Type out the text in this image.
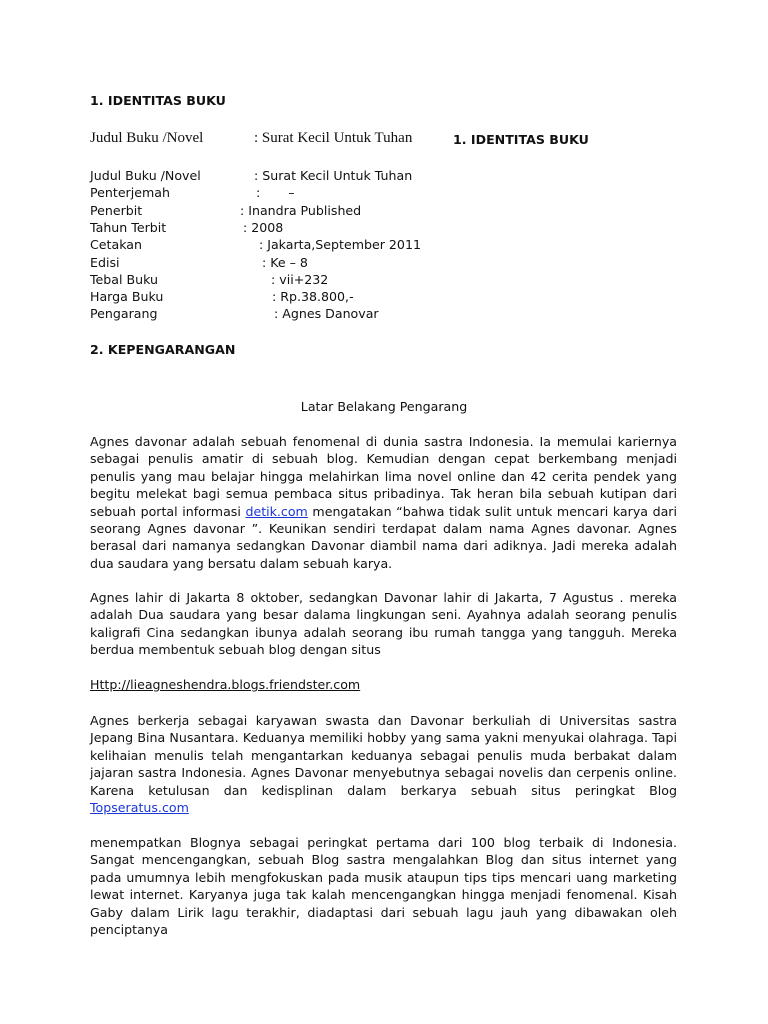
1. IDENTITAS BUKU
Judul Buku /Novel	: Surat Kecil Untuk Tuhan	1. IDENTITAS BUKU
Judul Buku /Novel	: Surat Kecil Untuk Tuhan
Penterjemah	:       –
Penerbit	: Inandra Published
Tahun Terbit	: 2008
Cetakan	: Jakarta,September 2011
Edisi	: Ke – 8
Tebal Buku	: vii+232
Harga Buku	: Rp.38.800,-
Pengarang	: Agnes Danovar
2. KEPENGARANGAN
Latar Belakang Pengarang
Agnes davonar adalah sebuah fenomenal di dunia sastra Indonesia. Ia memulai kariernya sebagai penulis amatir di sebuah blog. Kemudian dengan cepat berkembang menjadi penulis yang mau belajar hingga melahirkan lima novel online dan 42 cerita pendek yang begitu melekat bagi semua pembaca situs pribadinya. Tak heran bila sebuah kutipan dari sebuah portal informasi detik.com mengatakan “bahwa tidak sulit untuk mencari karya dari seorang Agnes davonar ”. Keunikan sendiri terdapat dalam nama Agnes davonar. Agnes berasal dari namanya sedangkan Davonar diambil nama dari adiknya. Jadi mereka adalah dua saudara yang bersatu dalam sebuah karya.
Agnes lahir di Jakarta 8 oktober, sedangkan Davonar lahir di Jakarta, 7 Agustus . mereka adalah Dua saudara yang besar dalama lingkungan seni. Ayahnya adalah seorang penulis kaligrafi Cina sedangkan ibunya adalah seorang ibu rumah tangga yang tangguh. Mereka berdua membentuk sebuah blog dengan situs
Http://lieagneshendra.blogs.friendster.com
Agnes berkerja sebagai karyawan swasta dan Davonar berkuliah di Universitas sastra Jepang Bina Nusantara. Keduanya memiliki hobby yang sama yakni menyukai olahraga. Tapi kelihaian menulis telah mengantarkan keduanya sebagai penulis muda berbakat dalam jajaran sastra Indonesia. Agnes Davonar menyebutnya sebagai novelis dan cerpenis online. Karena ketulusan dan kedisplinan dalam berkarya sebuah situs peringkat Blog Topseratus.com
menempatkan Blognya sebagai peringkat pertama dari 100 blog terbaik di Indonesia. Sangat mencengangkan, sebuah Blog sastra mengalahkan Blog dan situs internet yang pada umumnya lebih mengfokuskan pada musik ataupun tips tips mencari uang marketing lewat internet. Karyanya juga tak kalah mencengangkan hingga menjadi fenomenal. Kisah Gaby dalam Lirik lagu terakhir, diadaptasi dari sebuah lagu jauh yang dibawakan oleh penciptanya
